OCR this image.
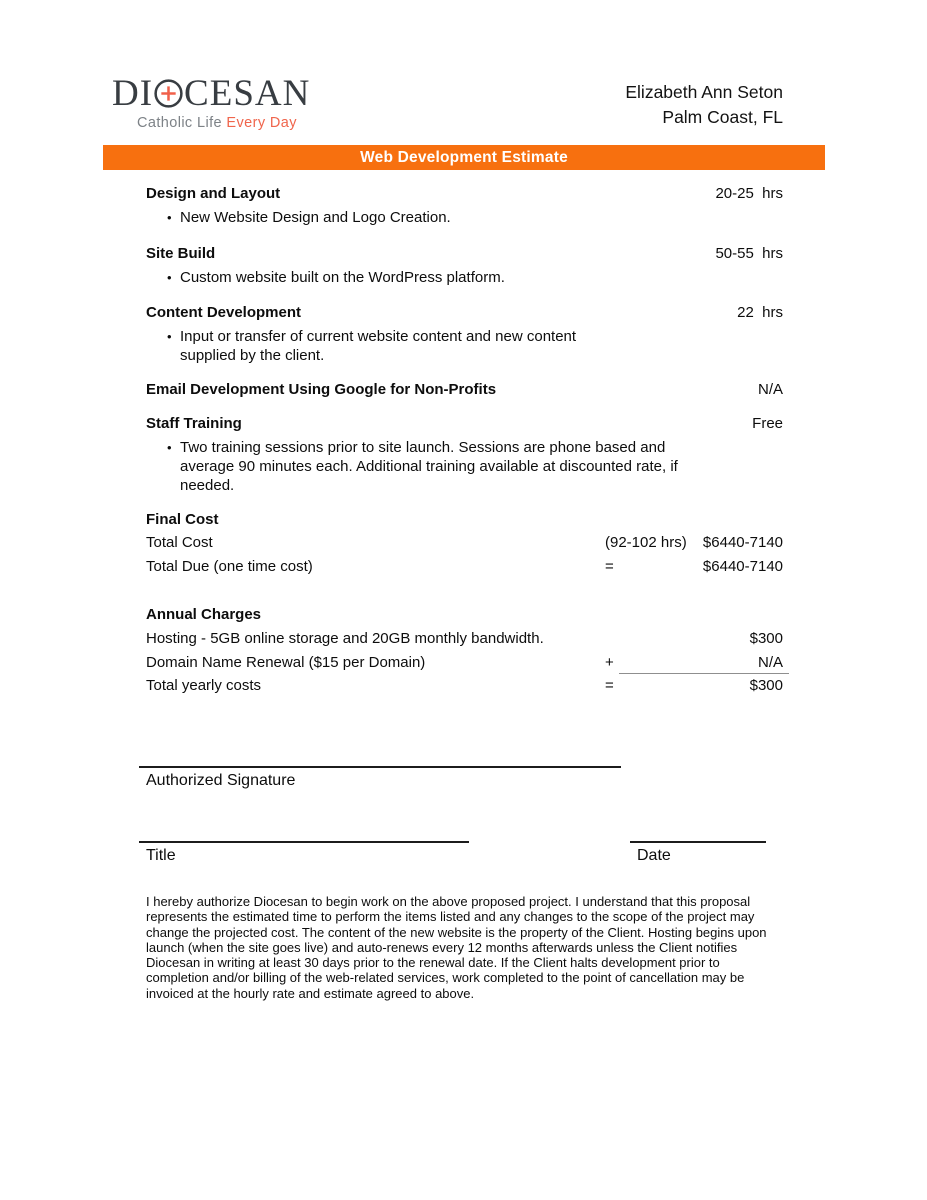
DI CESAN
Catholic Life Every Day
Elizabeth Ann Seton
Palm Coast, FL
Web Development Estimate
Design and Layout	20-25  hrs
• New Website Design and Logo Creation.
Site Build	50-55  hrs
• Custom website built on the WordPress platform.
Content Development	22  hrs
• Input or transfer of current website content and new content supplied by the client.
Email Development Using Google for Non-Profits	N/A
Staff Training	Free
• Two training sessions prior to site launch. Sessions are phone based and average 90 minutes each. Additional training available at discounted rate, if needed.
Final Cost
Total Cost	(92-102 hrs)	$6440-7140
Total Due (one time cost)	=	$6440-7140
Annual Charges
Hosting - 5GB online storage and 20GB monthly bandwidth.	$300
Domain Name Renewal ($15 per Domain)	+	N/A
Total yearly costs	=	$300
Authorized Signature
Title	Date

I hereby authorize Diocesan to begin work on the above proposed project. I understand that this proposal represents the estimated time to perform the items listed and any changes to the scope of the project may change the projected cost. The content of the new website is the property of the Client. Hosting begins upon launch (when the site goes live) and auto-renews every 12 months afterwards unless the Client notifies Diocesan in writing at least 30 days prior to the renewal date. If the Client halts development prior to completion and/or billing of the web-related services, work completed to the point of cancellation may be invoiced at the hourly rate and estimate agreed to above.
